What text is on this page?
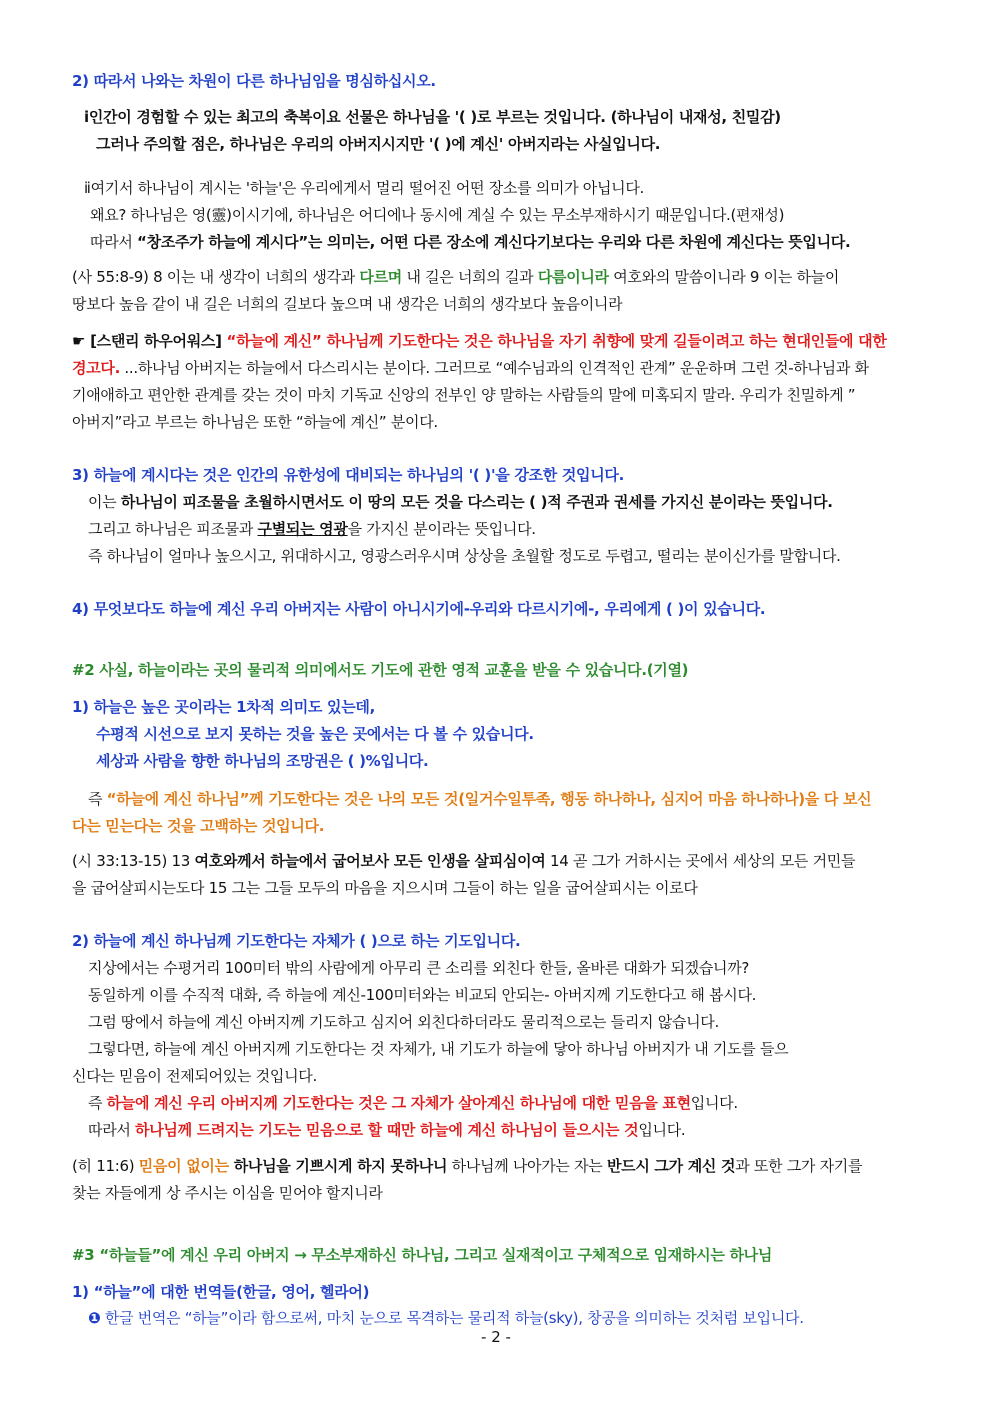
2) 따라서 나와는 차원이 다른 하나님임을 명심하십시오.
ⅰ인간이 경험할 수 있는 최고의 축복이요 선물은 하나님을 '( )로 부르는 것입니다. (하나님이 내재성, 친밀감)
그러나 주의할 점은, 하나님은 우리의 아버지시지만 '( )에 계신' 아버지라는 사실입니다.
ⅱ여기서 하나님이 계시는 '하늘'은 우리에게서 멀리 떨어진 어떤 장소를 의미가 아닙니다.
왜요? 하나님은 영(靈)이시기에, 하나님은 어디에나 동시에 계실 수 있는 무소부재하시기 때문입니다.(편재성)
따라서 “창조주가 하늘에 계시다”는 의미는, 어떤 다른 장소에 계신다기보다는 우리와 다른 차원에 계신다는 뜻입니다.
(사 55:8-9) 8 이는 내 생각이 너희의 생각과 다르며 내 길은 너희의 길과 다름이니라 여호와의 말씀이니라 9 이는 하늘이
땅보다 높음 같이 내 길은 너희의 길보다 높으며 내 생각은 너희의 생각보다 높음이니라
☛ [스탠리 하우어워스] “하늘에 계신” 하나님께 기도한다는 것은 하나님을 자기 취향에 맞게 길들이려고 하는 현대인들에 대한
경고다. ...하나님 아버지는 하늘에서 다스리시는 분이다. 그러므로 “예수님과의 인격적인 관계” 운운하며 그런 것-하나님과 화
기애애하고 편안한 관계를 갖는 것이 마치 기독교 신앙의 전부인 양 말하는 사람들의 말에 미혹되지 말라. 우리가 친밀하게 ”
아버지”라고 부르는 하나님은 또한 “하늘에 계신” 분이다.
3) 하늘에 계시다는 것은 인간의 유한성에 대비되는 하나님의 '( )'을 강조한 것입니다.
이는 하나님이 피조물을 초월하시면서도 이 땅의 모든 것을 다스리는 ( )적 주권과 권세를 가지신 분이라는 뜻입니다.
그리고 하나님은 피조물과 구별되는 영광을 가지신 분이라는 뜻입니다.
즉 하나님이 얼마나 높으시고, 위대하시고, 영광스러우시며 상상을 초월할 정도로 두렵고, 떨리는 분이신가를 말합니다.
4) 무엇보다도 하늘에 계신 우리 아버지는 사람이 아니시기에-우리와 다르시기에-, 우리에게 ( )이 있습니다.
#2 사실, 하늘이라는 곳의 물리적 의미에서도 기도에 관한 영적 교훈을 받을 수 있습니다.(기열)
1) 하늘은 높은 곳이라는 1차적 의미도 있는데,
수평적 시선으로 보지 못하는 것을 높은 곳에서는 다 볼 수 있습니다.
세상과 사람을 향한 하나님의 조망권은 ( )%입니다.
즉 “하늘에 계신 하나님”께 기도한다는 것은 나의 모든 것(일거수일투족, 행동 하나하나, 심지어 마음 하나하나)을 다 보신
다는 믿는다는 것을 고백하는 것입니다.
(시 33:13-15) 13 여호와께서 하늘에서 굽어보사 모든 인생을 살피심이여 14 곧 그가 거하시는 곳에서 세상의 모든 거민들
을 굽어살피시는도다 15 그는 그들 모두의 마음을 지으시며 그들이 하는 일을 굽어살피시는 이로다
2) 하늘에 계신 하나님께 기도한다는 자체가 ( )으로 하는 기도입니다.
지상에서는 수평거리 100미터 밖의 사람에게 아무리 큰 소리를 외친다 한들, 올바른 대화가 되겠습니까?
동일하게 이를 수직적 대화, 즉 하늘에 계신-100미터와는 비교되 안되는- 아버지께 기도한다고 해 봅시다.
그럼 땅에서 하늘에 계신 아버지께 기도하고 심지어 외친다하더라도 물리적으로는 들리지 않습니다.
그렇다면, 하늘에 계신 아버지께 기도한다는 것 자체가, 내 기도가 하늘에 닿아 하나님 아버지가 내 기도를 들으
신다는 믿음이 전제되어있는 것입니다.
즉 하늘에 계신 우리 아버지께 기도한다는 것은 그 자체가 살아계신 하나님에 대한 믿음을 표현입니다.
따라서 하나님께 드려지는 기도는 믿음으로 할 때만 하늘에 계신 하나님이 들으시는 것입니다.
(히 11:6) 믿음이 없이는 하나님을 기쁘시게 하지 못하나니 하나님께 나아가는 자는 반드시 그가 계신 것과 또한 그가 자기를
찾는 자들에게 상 주시는 이심을 믿어야 할지니라
#3 “하늘들”에 계신 우리 아버지 → 무소부재하신 하나님, 그리고 실재적이고 구체적으로 임재하시는 하나님
1) “하늘”에 대한 번역들(한글, 영어, 헬라어)
❶ 한글 번역은 “하늘”이라 함으로써, 마치 눈으로 목격하는 물리적 하늘(sky), 창공을 의미하는 것처럼 보입니다.
- 2 -
